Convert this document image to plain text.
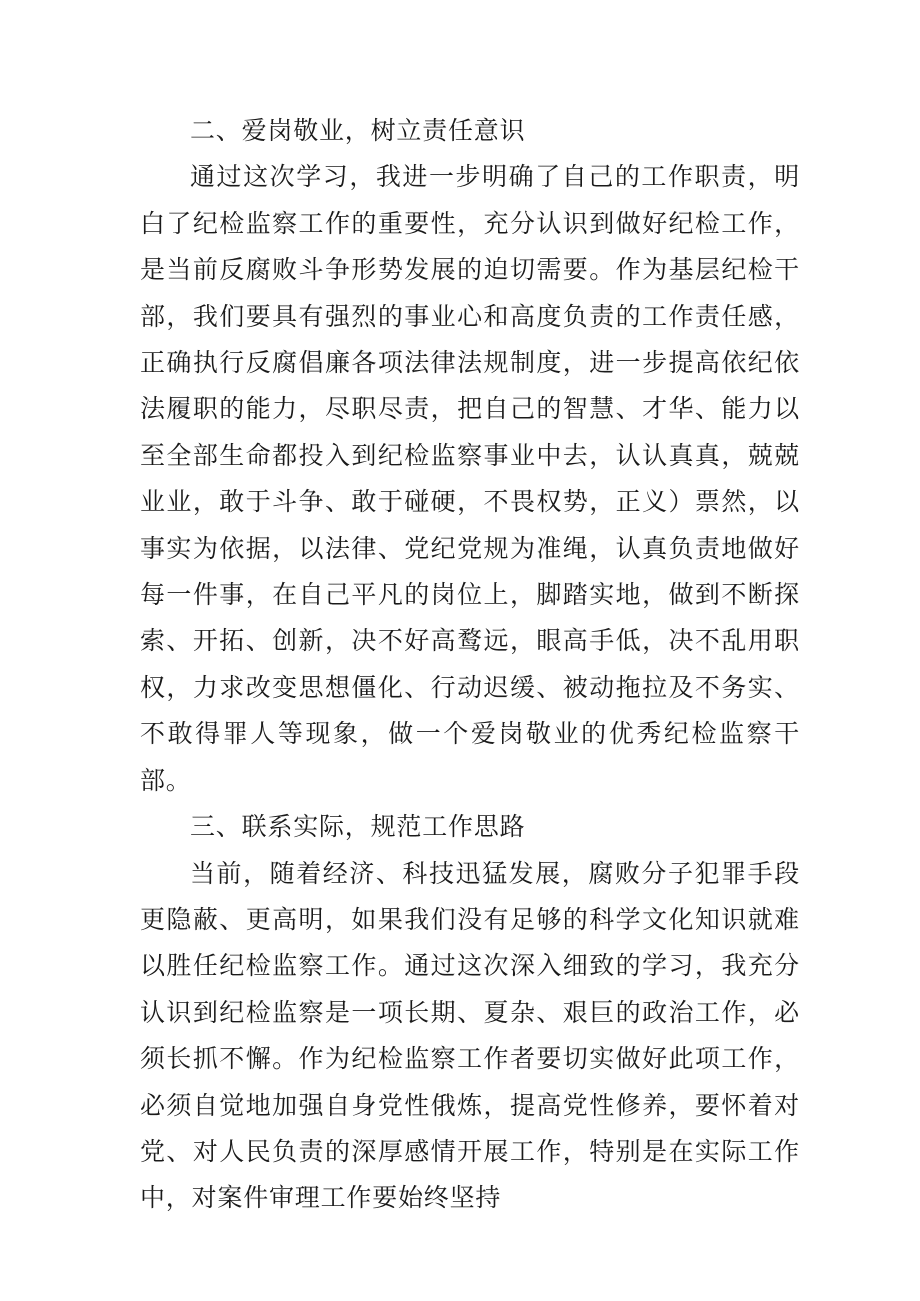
二、爱岗敬业，树立责任意识

通过这次学习，我进一步明确了自己的工作职责，明白了纪检监察工作的重要性，充分认识到做好纪检工作，是当前反腐败斗争形势发展的迫切需要。作为基层纪检干部，我们要具有强烈的事业心和高度负责的工作责任感，正确执行反腐倡廉各项法律法规制度，进一步提高依纪依法履职的能力，尽职尽责，把自己的智慧、才华、能力以至全部生命都投入到纪检监察事业中去，认认真真，兢兢业业，敢于斗争、敢于碰硬，不畏权势，正义）票然，以事实为依据，以法律、党纪党规为准绳，认真负责地做好每一件事，在自己平凡的岗位上，脚踏实地，做到不断探索、开拓、创新，决不好高鹜远，眼高手低，决不乱用职权，力求改变思想僵化、行动迟缓、被动拖拉及不务实、不敢得罪人等现象，做一个爱岗敬业的优秀纪检监察干部。

三、联系实际，规范工作思路

当前，随着经济、科技迅猛发展，腐败分子犯罪手段更隐蔽、更高明，如果我们没有足够的科学文化知识就难以胜任纪检监察工作。通过这次深入细致的学习，我充分认识到纪检监察是一项长期、夏杂、艰巨的政治工作，必须长抓不懈。作为纪检监察工作者要切实做好此项工作，必须自觉地加强自身党性俄炼，提高党性修养，要怀着对党、对人民负责的深厚感情开展工作，特别是在实际工作中，对案件审理工作要始终坚持
